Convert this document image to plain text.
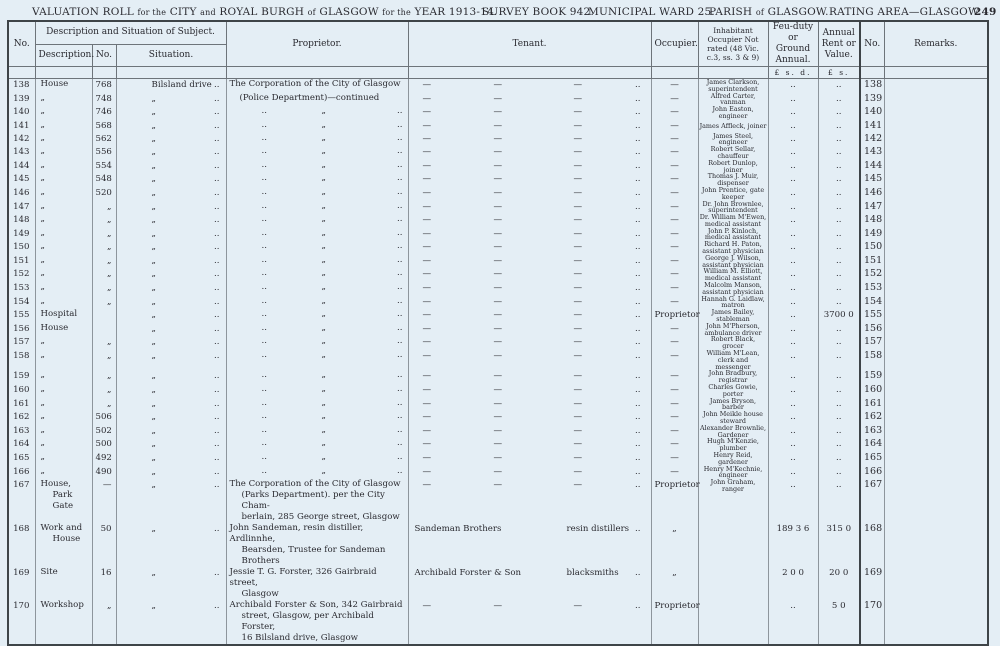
VALUATION ROLL for the CITY and ROYAL BURGH of GLASGOW for the YEAR 1913-14.
SURVEY BOOK 942.
MUNICIPAL WARD 25.
PARISH of GLASGOW. RATING AREA—GLASGOW.
249
No.	Description and Situation of Subject.			Proprietor.	Tenant.	Occupier.	Inhabitant Occupier Not rated (48 Vic. c.3, ss. 3 & 9)	Feu-duty or Ground Annual.	Annual Rent or Value.	No.	Remarks.
	Description.	No.	Situation.								
								£ s. d.	£ s.		
138	House	768	Bilsland drive ..	The Corporation of the City of Glasgow	— — — ..	—	James Clarkson, superintendent	..	..	138	
139	„	748	„ ..	(Police Department)—continued	— — — ..	—	Alfred Carter, vanman	..	..	139	
140	„	746	„ ..	.. „ ..	— — — ..	—	John Easton, engineer	..	..	140	
141	„	568	„ ..	.. „ ..	— — — ..	—	James Affleck, joiner	..	..	141	
142	„	562	„ ..	.. „ ..	— — — ..	—	James Steel, engineer	..	..	142	
143	„	556	„ ..	.. „ ..	— — — ..	—	Robert Sellar, chauffeur	..	..	143	
144	„	554	„ ..	.. „ ..	— — — ..	—	Robert Dunlop, joiner	..	..	144	
145	„	548	„ ..	.. „ ..	— — — ..	—	Thomas J. Muir, dispenser	..	..	145	
146	„	520	„ ..	.. „ ..	— — — ..	—	John Prentice, gate keeper	..	..	146	
147	„	„	„ ..	.. „ ..	— — — ..	—	Dr. John Brownlee, superintendent	..	..	147	
148	„	„	„ ..	.. „ ..	— — — ..	—	Dr. William M'Ewen, medical assistant	..	..	148	
149	„	„	„ ..	.. „ ..	— — — ..	—	John P. Kinloch, medical assistant	..	..	149	
150	„	„	„ ..	.. „ ..	— — — ..	—	Richard H. Paton, assistant physician	..	..	150	
151	„	„	„ ..	.. „ ..	— — — ..	—	George J. Wilson, assistant physician	..	..	151	
152	„	„	„ ..	.. „ ..	— — — ..	—	William M. Elliott, medical assistant	..	..	152	
153	„	„	„ ..	.. „ ..	— — — ..	—	Malcolm Manson, assistant physician	..	..	153	
154	„	„	„ ..	.. „ ..	— — — ..	—	Hannah G. Laidlaw, matron	..	..	154	
155	Hospital		„ ..	.. „ ..	— — — ..	Proprietor	James Bailey, stableman	..	3700 0	155	
156	House		„ ..	.. „ ..	— — — ..	—	John M'Pherson, ambulance driver	..	..	156	
157	„	„	„ ..	.. „ ..	— — — ..	—	Robert Black, grocer	..	..	157	
158	„	„	„ ..	.. „ ..	— — — ..	—	William M'Lean, clerk and messenger	..	..	158	
159	„	„	„ ..	.. „ ..	— — — ..	—	John Bradbury, registrar	..	..	159	
160	„	„	„ ..	.. „ ..	— — — ..	—	Charles Gowie, porter	..	..	160	
161	„	„	„ ..	.. „ ..	— — — ..	—	James Bryson, barber	..	..	161	
162	„	506	„ ..	.. „ ..	— — — ..	—	John Meikle house steward	..	..	162	
163	„	502	„ ..	.. „ ..	— — — ..	—	Alexander Brownlie, Gardener	..	..	163	
164	„	500	„ ..	.. „ ..	— — — ..	—	Hugh M'Kenzie, plumber	..	..	164	
165	„	492	„ ..	.. „ ..	— — — ..	—	Henry Reid, gardener	..	..	165	
166	„	490	„ ..	.. „ ..	— — — ..	—	Henry M'Kechnie, engineer	..	..	166	
167	House,
Park Gate	—	„ ..	The Corporation of the City of Glasgow
(Parks Department). per the City Cham-
berlain, 285 George street, Glasgow	— — — ..	Proprietor	John Graham, ranger	..	..	167	
168	Work and
House	50	„ ..	John Sandeman, resin distiller, Ardlinnhe,
Bearsden, Trustee for Sandeman
Brothers	Sandeman Brothers resin distillers ..	„		189 3 6	315 0	168	
169	Site	16	„ ..	Jessie T. G. Forster, 326 Gairbraid street,
Glasgow	Archibald Forster & Son blacksmiths ..	„		2 0 0	20 0	169	
170	Workshop	„	„ ..	Archibald Forster & Son, 342 Gairbraid
street, Glasgow, per Archibald Forster,
16 Bilsland drive, Glasgow	— — — ..	Proprietor		..	5 0	170	
